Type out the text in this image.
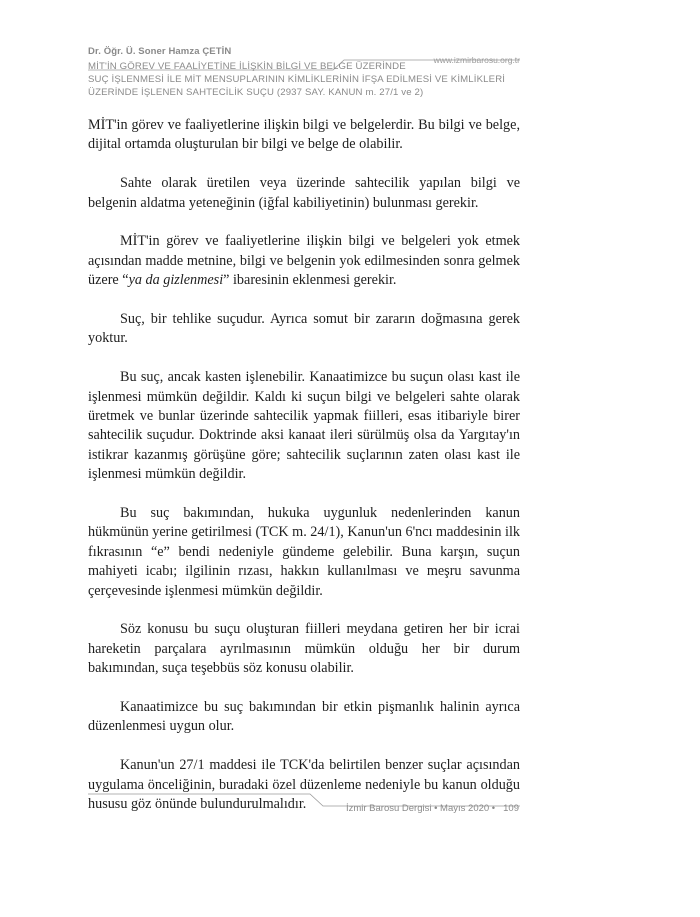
Dr. Öğr. Ü. Soner Hamza ÇETİN
www.izmirbarosu.org.tr
MİT'İN GÖREV VE FAALİYETİNE İLİŞKİN BİLGİ VE BELGE ÜZERİNDE
SUÇ İŞLENMESİ İLE MİT MENSUPLARININ KİMLİKLERİNİN İFŞA EDİLMESİ VE KİMLİKLERİ
ÜZERİNDE İŞLENEN SAHTECİLİK SUÇU (2937 SAY. KANUN m. 27/1 ve 2)

MİT'in görev ve faaliyetlerine ilişkin bilgi ve belgelerdir. Bu bilgi ve belge, dijital ortamda oluşturulan bir bilgi ve belge de olabilir.

Sahte olarak üretilen veya üzerinde sahtecilik yapılan bilgi ve belgenin aldatma yeteneğinin (iğfal kabiliyetinin) bulunması gerekir.

MİT'in görev ve faaliyetlerine ilişkin bilgi ve belgeleri yok etmek açısından madde metnine, bilgi ve belgenin yok edilmesinden sonra gelmek üzere “ya da gizlenmesi” ibaresinin eklenmesi gerekir.

Suç, bir tehlike suçudur. Ayrıca somut bir zararın doğmasına gerek yoktur.

Bu suç, ancak kasten işlenebilir. Kanaatimizce bu suçun olası kast ile işlenmesi mümkün değildir. Kaldı ki suçun bilgi ve belgeleri sahte olarak üretmek ve bunlar üzerinde sahtecilik yapmak fiilleri, esas itibariyle birer sahtecilik suçudur. Doktrinde aksi kanaat ileri sürülmüş olsa da Yargıtay'ın istikrar kazanmış görüşüne göre; sahtecilik suçlarının zaten olası kast ile işlenmesi mümkün değildir.

Bu suç bakımından, hukuka uygunluk nedenlerinden kanun hükmünün yerine getirilmesi (TCK m. 24/1), Kanun'un 6'ncı maddesinin ilk fıkrasının “e” bendi nedeniyle gündeme gelebilir. Buna karşın, suçun mahiyeti icabı; ilgilinin rızası, hakkın kullanılması ve meşru savunma çerçevesinde işlenmesi mümkün değildir.

Söz konusu bu suçu oluşturan fiilleri meydana getiren her bir icrai hareketin parçalara ayrılmasının mümkün olduğu her bir durum bakımından, suça teşebbüs söz konusu olabilir.

Kanaatimizce bu suç bakımından bir etkin pişmanlık halinin ayrıca düzenlenmesi uygun olur.

Kanun'un 27/1 maddesi ile TCK'da belirtilen benzer suçlar açısından uygulama önceliğinin, buradaki özel düzenleme nedeniyle bu kanun olduğu hususu göz önünde bulundurulmalıdır.	İzmir Barosu Dergisi • Mayıs 2020 • 109
